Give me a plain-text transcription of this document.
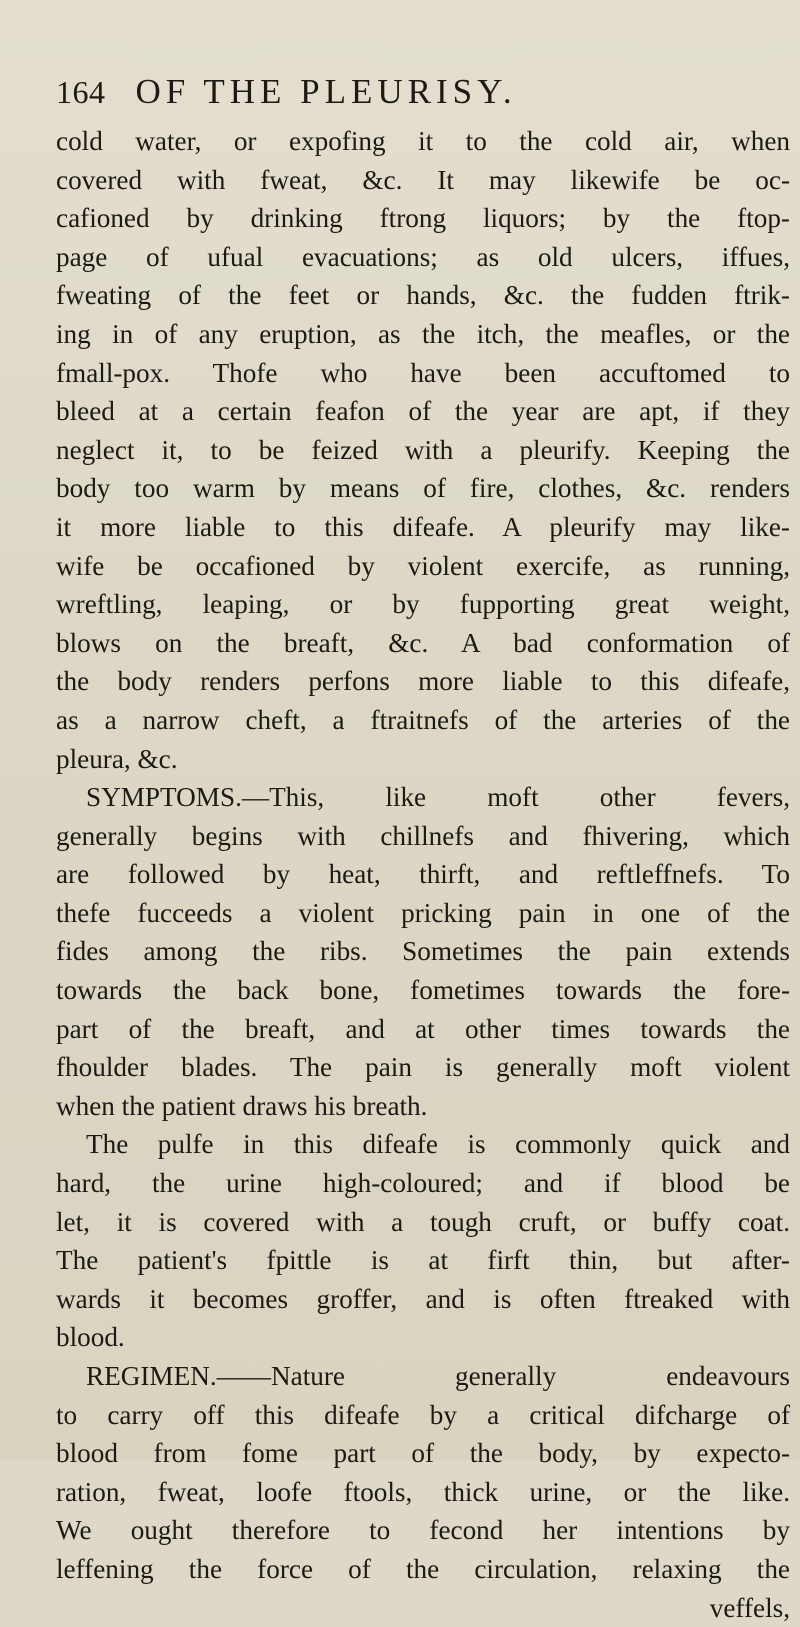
164 OF THE PLEURISY.
cold water, or expofing it to the cold air, when
covered with fweat, &c. It may likewife be oc-
cafioned by drinking ftrong liquors; by the ftop-
page of ufual evacuations; as old ulcers, iffues,
fweating of the feet or hands, &c. the fudden ftrik-
ing in of any eruption, as the itch, the meafles, or the
fmall-pox. Thofe who have been accuftomed to
bleed at a certain feafon of the year are apt, if they
neglect it, to be feized with a pleurify. Keeping the
body too warm by means of fire, clothes, &c. renders
it more liable to this difeafe. A pleurify may like-
wife be occafioned by violent exercife, as running,
wreftling, leaping, or by fupporting great weight,
blows on the breaft, &c. A bad conformation of
the body renders perfons more liable to this difeafe,
as a narrow cheft, a ftraitnefs of the arteries of the
pleura, &c.
SYMPTOMS.—This, like moft other fevers,
generally begins with chillnefs and fhivering, which
are followed by heat, thirft, and reftleffnefs. To
thefe fucceeds a violent pricking pain in one of the
fides among the ribs. Sometimes the pain extends
towards the back bone, fometimes towards the fore-
part of the breaft, and at other times towards the
fhoulder blades. The pain is generally moft violent
when the patient draws his breath.
The pulfe in this difeafe is commonly quick and
hard, the urine high-coloured; and if blood be
let, it is covered with a tough cruft, or buffy coat.
The patient's fpittle is at firft thin, but after-
wards it becomes groffer, and is often ftreaked with
blood.
REGIMEN.——Nature generally endeavours
to carry off this difeafe by a critical difcharge of
blood from fome part of the body, by expecto-
ration, fweat, loofe ftools, thick urine, or the like.
We ought therefore to fecond her intentions by
leffening the force of the circulation, relaxing the
veffels,
